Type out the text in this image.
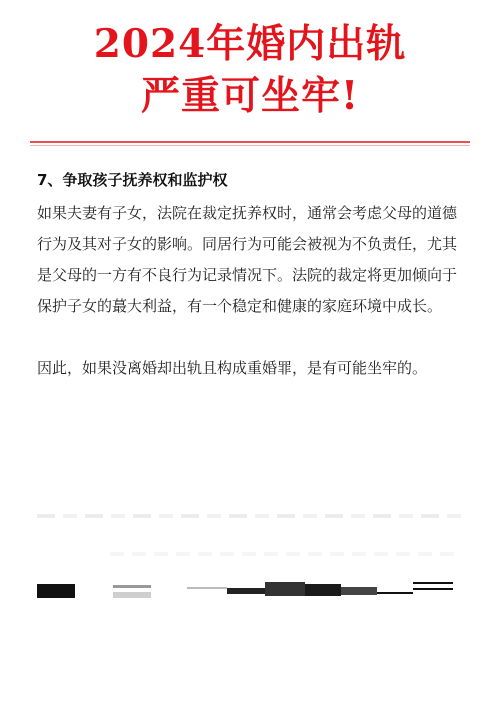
2024年婚内出轨
严重可坐牢!
7、争取孩子抚养权和监护权

如果夫妻有子女，法院在裁定抚养权时，通常会考虑父母的道德行为及其对子女的影响。同居行为可能会被视为不负责任，尤其是父母的一方有不良行为记录情况下。法院的裁定将更加倾向于保护子女的蕞大利益，有一个稳定和健康的家庭环境中成长。

因此，如果没离婚却出轨且构成重婚罪，是有可能坐牢的。
